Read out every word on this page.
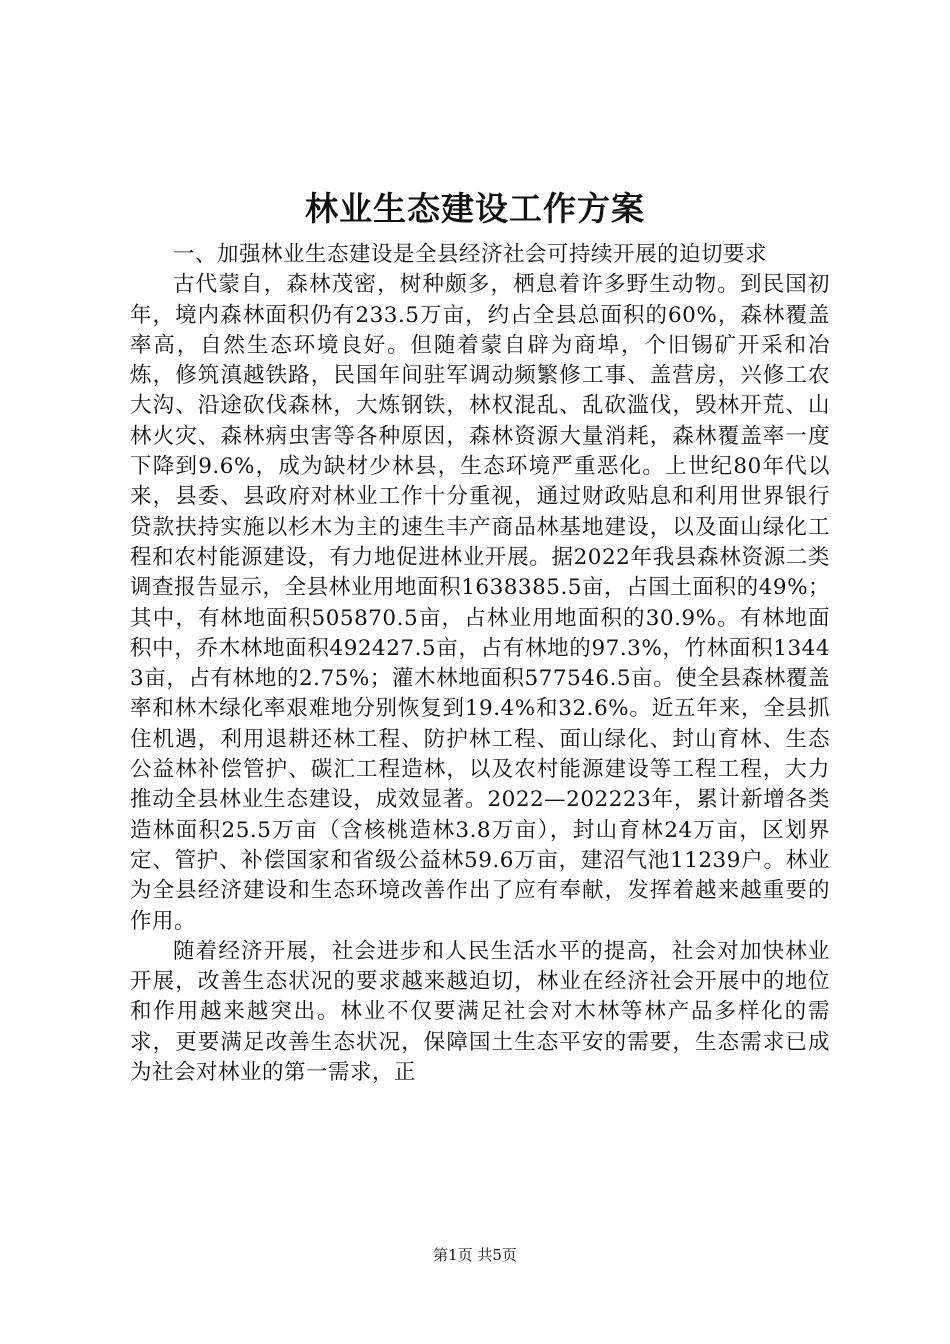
林业生态建设工作方案

一、加强林业生态建设是全县经济社会可持续开展的迫切要求

古代蒙自，森林茂密，树种颇多，栖息着许多野生动物。到民国初年，境内森林面积仍有233.5万亩，约占全县总面积的60%，森林覆盖率高，自然生态环境良好。但随着蒙自辟为商埠，个旧锡矿开采和冶炼，修筑滇越铁路，民国年间驻军调动频繁修工事、盖营房，兴修工农大沟、沿途砍伐森林，大炼钢铁，林权混乱、乱砍滥伐，毁林开荒、山林火灾、森林病虫害等各种原因，森林资源大量消耗，森林覆盖率一度下降到9.6%，成为缺材少林县，生态环境严重恶化。上世纪80年代以来，县委、县政府对林业工作十分重视，通过财政贴息和利用世界银行贷款扶持实施以杉木为主的速生丰产商品林基地建设，以及面山绿化工程和农村能源建设，有力地促进林业开展。据2022年我县森林资源二类调查报告显示，全县林业用地面积1638385.5亩，占国土面积的49%；其中，有林地面积505870.5亩，占林业用地面积的30.9%。有林地面积中，乔木林地面积492427.5亩，占有林地的97.3%，竹林面积13443亩，占有林地的2.75%；灌木林地面积577546.5亩。使全县森林覆盖率和林木绿化率艰难地分别恢复到19.4%和32.6%。近五年来，全县抓住机遇，利用退耕还林工程、防护林工程、面山绿化、封山育林、生态公益林补偿管护、碳汇工程造林，以及农村能源建设等工程工程，大力推动全县林业生态建设，成效显著。2022—202223年，累计新增各类造林面积25.5万亩（含核桃造林3.8万亩），封山育林24万亩，区划界定、管护、补偿国家和省级公益林59.6万亩，建沼气池11239户。林业为全县经济建设和生态环境改善作出了应有奉献，发挥着越来越重要的作用。

随着经济开展，社会进步和人民生活水平的提高，社会对加快林业开展，改善生态状况的要求越来越迫切，林业在经济社会开展中的地位和作用越来越突出。林业不仅要满足社会对木林等林产品多样化的需求，更要满足改善生态状况，保障国土生态平安的需要，生态需求已成为社会对林业的第一需求，正

第1页 共5页
